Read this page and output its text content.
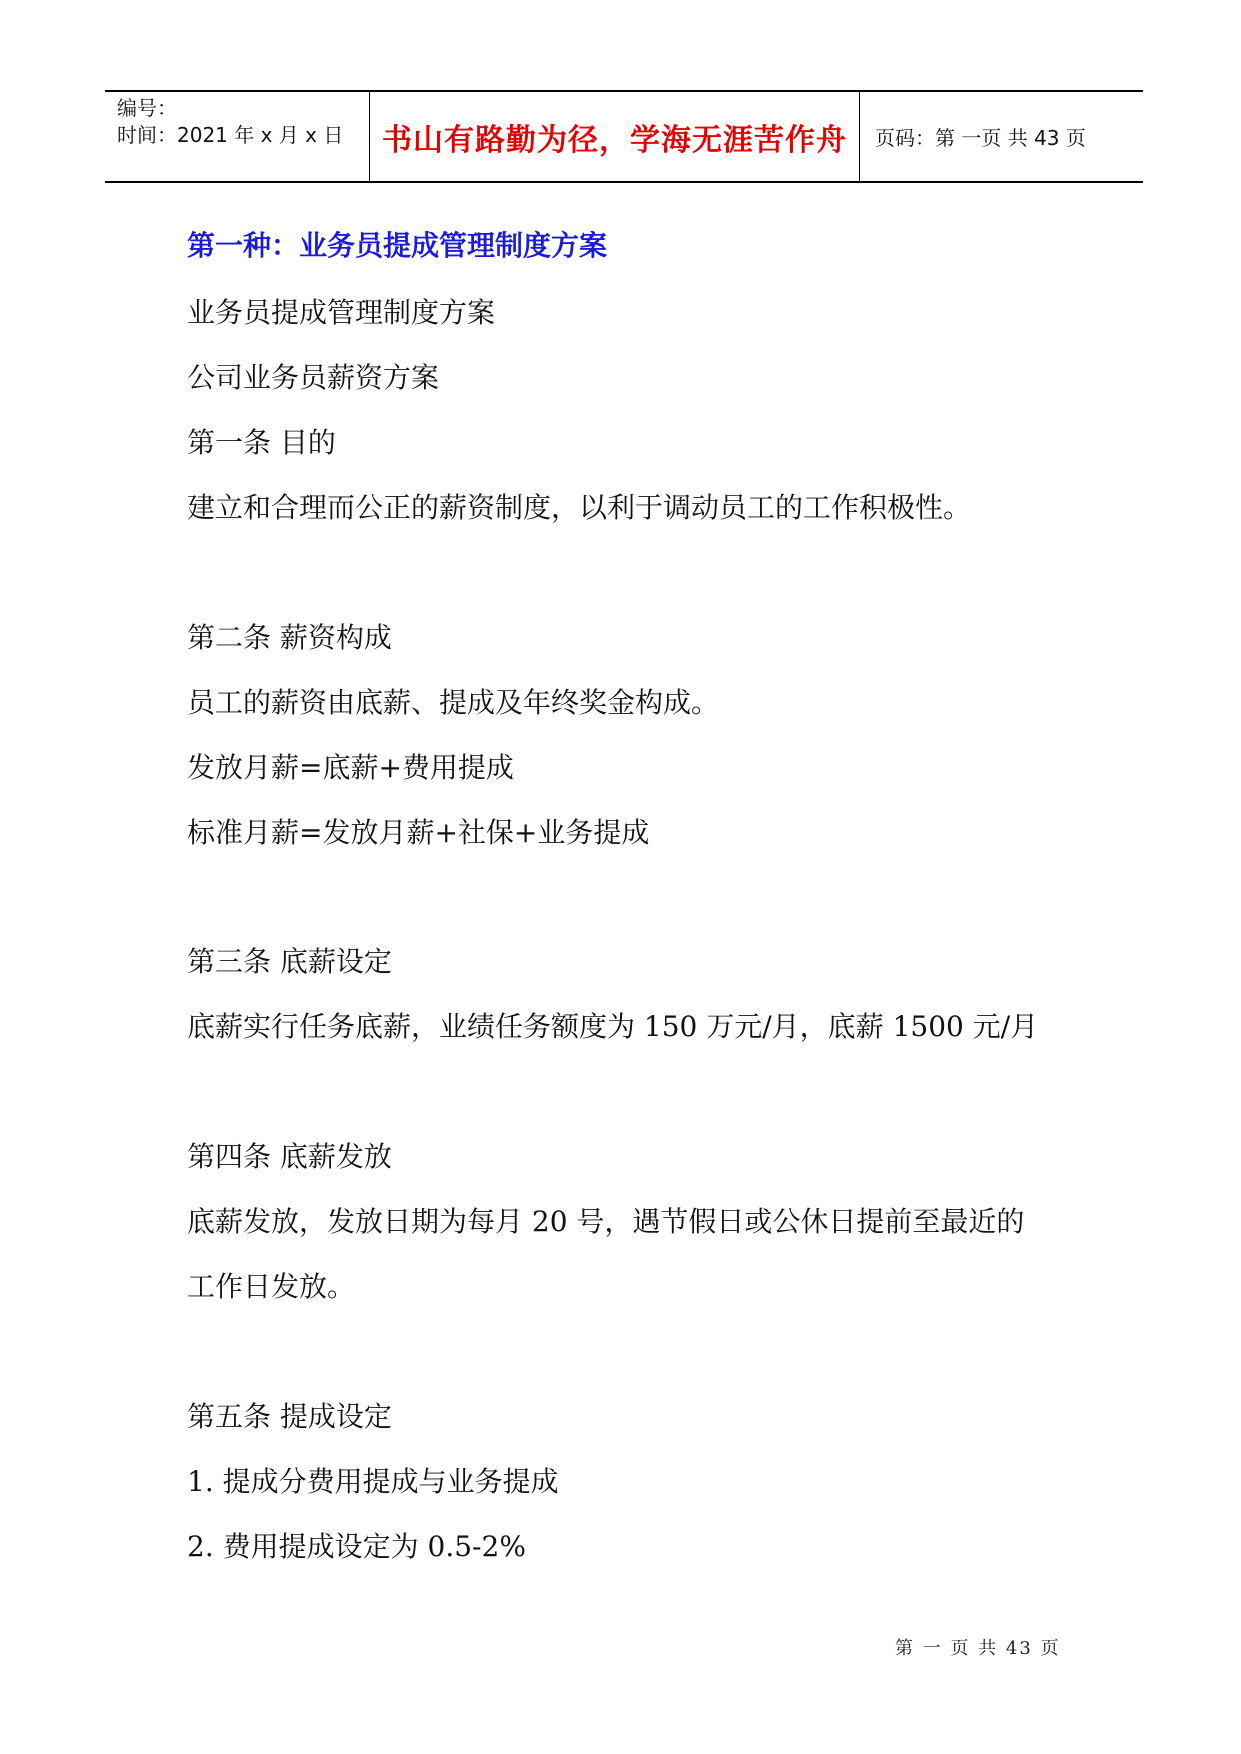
编号：
时间：2021 年 x 月 x 日	书山有路勤为径，学海无涯苦作舟	页码：第 一页 共 43 页
第一种：业务员提成管理制度方案
业务员提成管理制度方案
公司业务员薪资方案
第一条 目的
建立和合理而公正的薪资制度，以利于调动员工的工作积极性。
第二条 薪资构成
员工的薪资由底薪、提成及年终奖金构成。
发放月薪=底薪+费用提成
标准月薪=发放月薪+社保+业务提成
第三条 底薪设定
底薪实行任务底薪，业绩任务额度为 150 万元/月，底薪 1500 元/月
第四条 底薪发放
底薪发放，发放日期为每月 20 号，遇节假日或公休日提前至最近的
工作日发放。
第五条 提成设定
1. 提成分费用提成与业务提成
2. 费用提成设定为 0.5-2%
第 一 页 共 43 页
